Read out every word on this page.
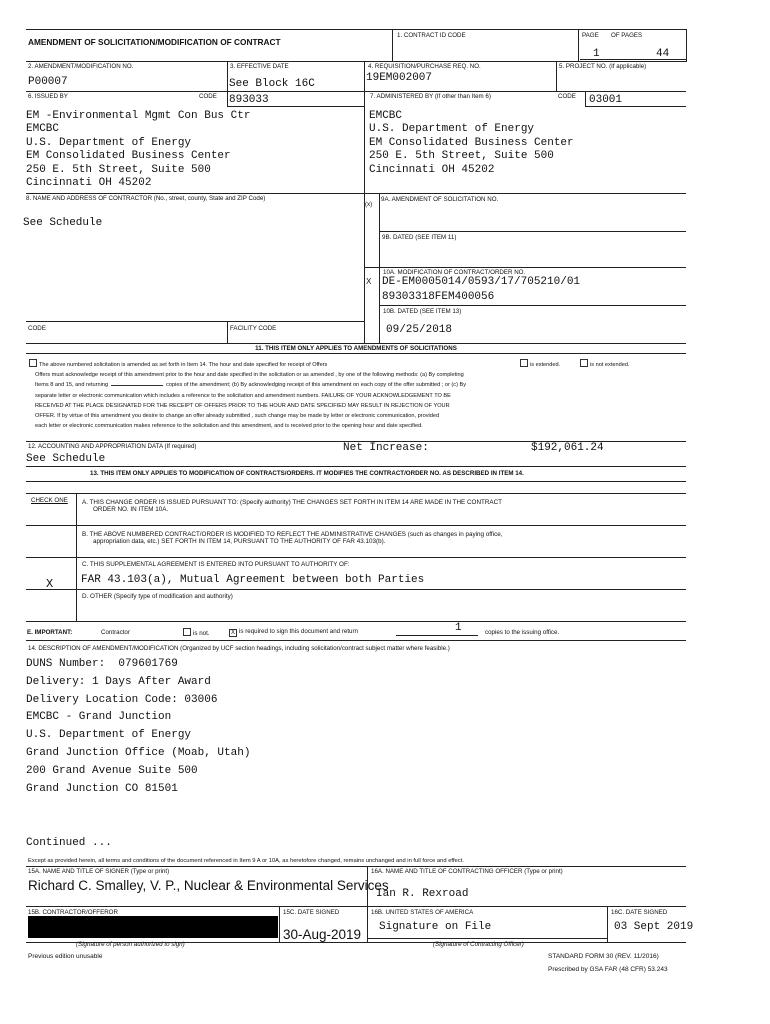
AMENDMENT OF SOLICITATION/MODIFICATION OF CONTRACT
1. CONTRACT ID CODE	PAGE OF PAGES
1	44
2. AMENDMENT/MODIFICATION NO.	3. EFFECTIVE DATE	4. REQUISITION/PURCHASE REQ. NO.	5. PROJECT NO. (If applicable)
P00007	See Block 16C	19EM002007
6. ISSUED BY	CODE 893033	7. ADMINISTERED BY (If other than Item 6)	CODE 03001
EM -Environmental Mgmt Con Bus Ctr
EMCBC
U.S. Department of Energy
EM Consolidated Business Center
250 E. 5th Street, Suite 500
Cincinnati OH 45202
EMCBC
U.S. Department of Energy
EM Consolidated Business Center
250 E. 5th Street, Suite 500
Cincinnati OH 45202
8. NAME AND ADDRESS OF CONTRACTOR (No., street, county, State and ZIP Code)
See Schedule
(x)
9A. AMENDMENT OF SOLICITATION NO.
9B. DATED (SEE ITEM 11)
X
10A. MODIFICATION OF CONTRACT/ORDER NO.
DE-EM0005014/0593/17/705210/01
89303318FEM400056
10B. DATED (SEE ITEM 13)
09/25/2018
CODE	FACILITY CODE
11. THIS ITEM ONLY APPLIES TO AMENDMENTS OF SOLICITATIONS
The above numbered solicitation is amended as set forth in Item 14. The hour and date specified for receipt of Offers	is extended.	is not extended.
Offers must acknowledge receipt of this amendment prior to the hour and date specified in the solicitation or as amended , by one of the following methods: (a) By completing
Items 8 and 15, and returning	copies of the amendment; (b) By acknowledging receipt of this amendment on each copy of the offer submitted ; or (c) By
separate letter or electronic communication which includes a reference to the solicitation and amendment numbers. FAILURE OF YOUR ACKNOWLEDGEMENT TO BE
RECEIVED AT THE PLACE DESIGNATED FOR THE RECEIPT OF OFFERS PRIOR TO THE HOUR AND DATE SPECIFIED MAY RESULT IN REJECTION OF YOUR
OFFER. If by virtue of this amendment you desire to change an offer already submitted , such change may be made by letter or electronic communication, provided
each letter or electronic communication makes reference to the solicitation and this amendment, and is received prior to the opening hour and date specified.
12. ACCOUNTING AND APPROPRIATION DATA (If required)
See Schedule
Net Increase:	$192,061.24
13. THIS ITEM ONLY APPLIES TO MODIFICATION OF CONTRACTS/ORDERS. IT MODIFIES THE CONTRACT/ORDER NO. AS DESCRIBED IN ITEM 14.
CHECK ONE A. THIS CHANGE ORDER IS ISSUED PURSUANT TO: (Specify authority) THE CHANGES SET FORTH IN ITEM 14 ARE MADE IN THE CONTRACT
ORDER NO. IN ITEM 10A.
B. THE ABOVE NUMBERED CONTRACT/ORDER IS MODIFIED TO REFLECT THE ADMINISTRATIVE CHANGES (such as changes in paying office,
appropriation data, etc.) SET FORTH IN ITEM 14, PURSUANT TO THE AUTHORITY OF FAR 43.103(b).
C. THIS SUPPLEMENTAL AGREEMENT IS ENTERED INTO PURSUANT TO AUTHORITY OF:
X	FAR 43.103(a), Mutual Agreement between both Parties
D. OTHER (Specify type of modification and authority)
E. IMPORTANT:	Contractor	is not.	X is required to sign this document and return	1	copies to the issuing office.
14. DESCRIPTION OF AMENDMENT/MODIFICATION (Organized by UCF section headings, including solicitation/contract subject matter where feasible.)
DUNS Number:  079601769
Delivery: 1 Days After Award
Delivery Location Code: 03006
EMCBC - Grand Junction
U.S. Department of Energy
Grand Junction Office (Moab, Utah)
200 Grand Avenue Suite 500
Grand Junction CO 81501
Continued ...
Except as provided herein, all terms and conditions of the document referenced in Item 9 A or 10A, as heretofore changed, remains unchanged and in full force and effect.
15A. NAME AND TITLE OF SIGNER (Type or print)
Richard C. Smalley, V. P., Nuclear & Environmental Services
16A. NAME AND TITLE OF CONTRACTING OFFICER (Type or print)
Ian R. Rexroad
15B. CONTRACTOR/OFFEROR
(Signature of person authorized to sign)
15C. DATE SIGNED
30-Aug-2019
16B. UNITED STATES OF AMERICA
Signature on File
(Signature of Contracting Officer)
16C. DATE SIGNED
03 Sept 2019
Previous edition unusable	STANDARD FORM 30 (REV. 11/2016)
Prescribed by GSA FAR (48 CFR) 53.243
